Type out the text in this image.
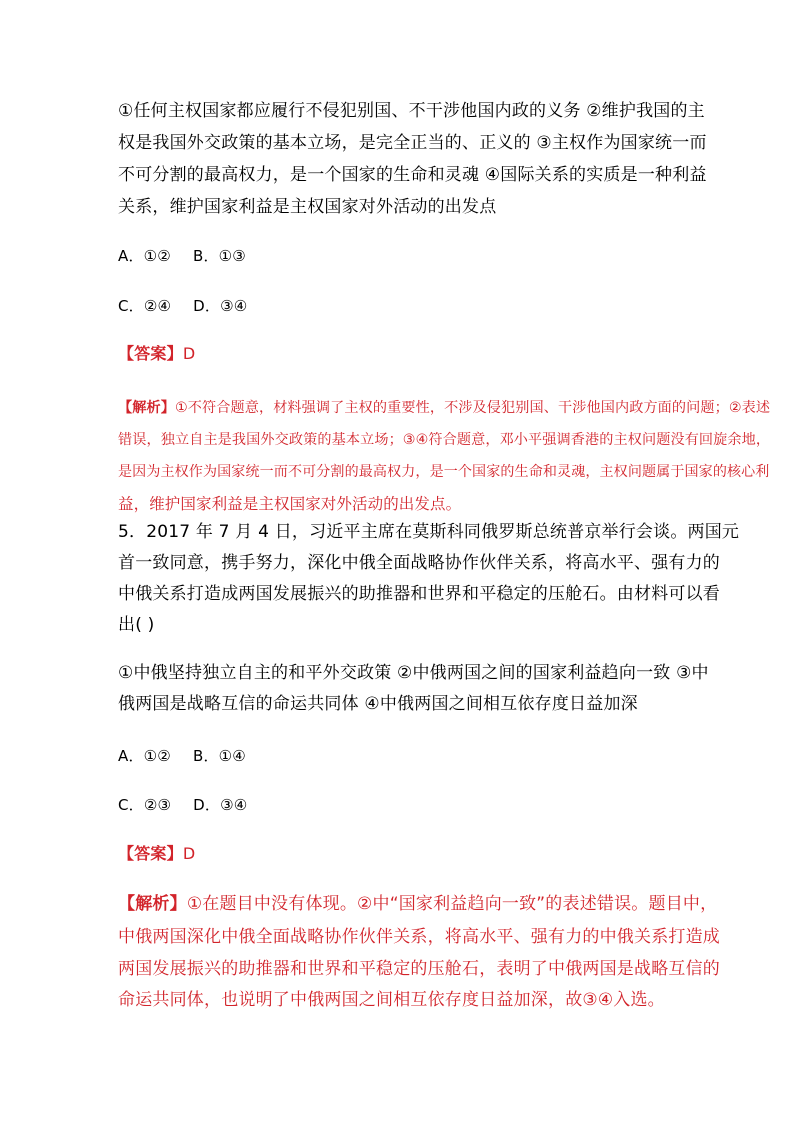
①任何主权国家都应履行不侵犯别国、不干涉他国内政的义务 ②维护我国的主
权是我国外交政策的基本立场，是完全正当的、正义的 ③主权作为国家统一而
不可分割的最高权力，是一个国家的生命和灵魂 ④国际关系的实质是一种利益
关系，维护国家利益是主权国家对外活动的出发点
A．①② B．①③
C．②④ D．③④
【答案】D
【解析】①不符合题意，材料强调了主权的重要性，不涉及侵犯别国、干涉他国内政方面的问题；②表述
错误，独立自主是我国外交政策的基本立场；③④符合题意，邓小平强调香港的主权问题没有回旋余地，
是因为主权作为国家统一而不可分割的最高权力，是一个国家的生命和灵魂，主权问题属于国家的核心利
益，维护国家利益是主权国家对外活动的出发点。
5．2017 年 7 月 4 日，习近平主席在莫斯科同俄罗斯总统普京举行会谈。两国元
首一致同意，携手努力，深化中俄全面战略协作伙伴关系，将高水平、强有力的
中俄关系打造成两国发展振兴的助推器和世界和平稳定的压舱石。由材料可以看
出( )
①中俄坚持独立自主的和平外交政策 ②中俄两国之间的国家利益趋向一致 ③中
俄两国是战略互信的命运共同体 ④中俄两国之间相互依存度日益加深
A．①② B．①④
C．②③ D．③④
【答案】D
【解析】①在题目中没有体现。②中“国家利益趋向一致”的表述错误。题目中，
中俄两国深化中俄全面战略协作伙伴关系，将高水平、强有力的中俄关系打造成
两国发展振兴的助推器和世界和平稳定的压舱石，表明了中俄两国是战略互信的
命运共同体，也说明了中俄两国之间相互依存度日益加深，故③④入选。
